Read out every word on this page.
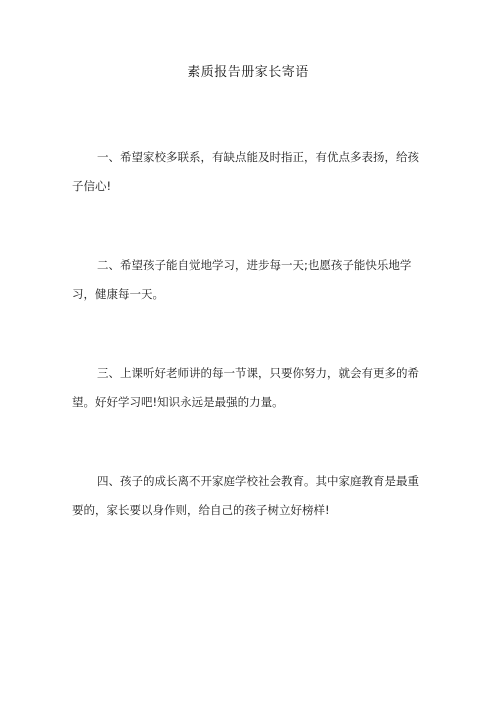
素质报告册家长寄语

一、希望家校多联系，有缺点能及时指正，有优点多表扬，给孩子信心!

二、希望孩子能自觉地学习，进步每一天;也愿孩子能快乐地学习，健康每一天。

三、上课听好老师讲的每一节课，只要你努力，就会有更多的希望。好好学习吧!知识永远是最强的力量。

四、孩子的成长离不开家庭学校社会教育。其中家庭教育是最重要的，家长要以身作则，给自己的孩子树立好榜样!
